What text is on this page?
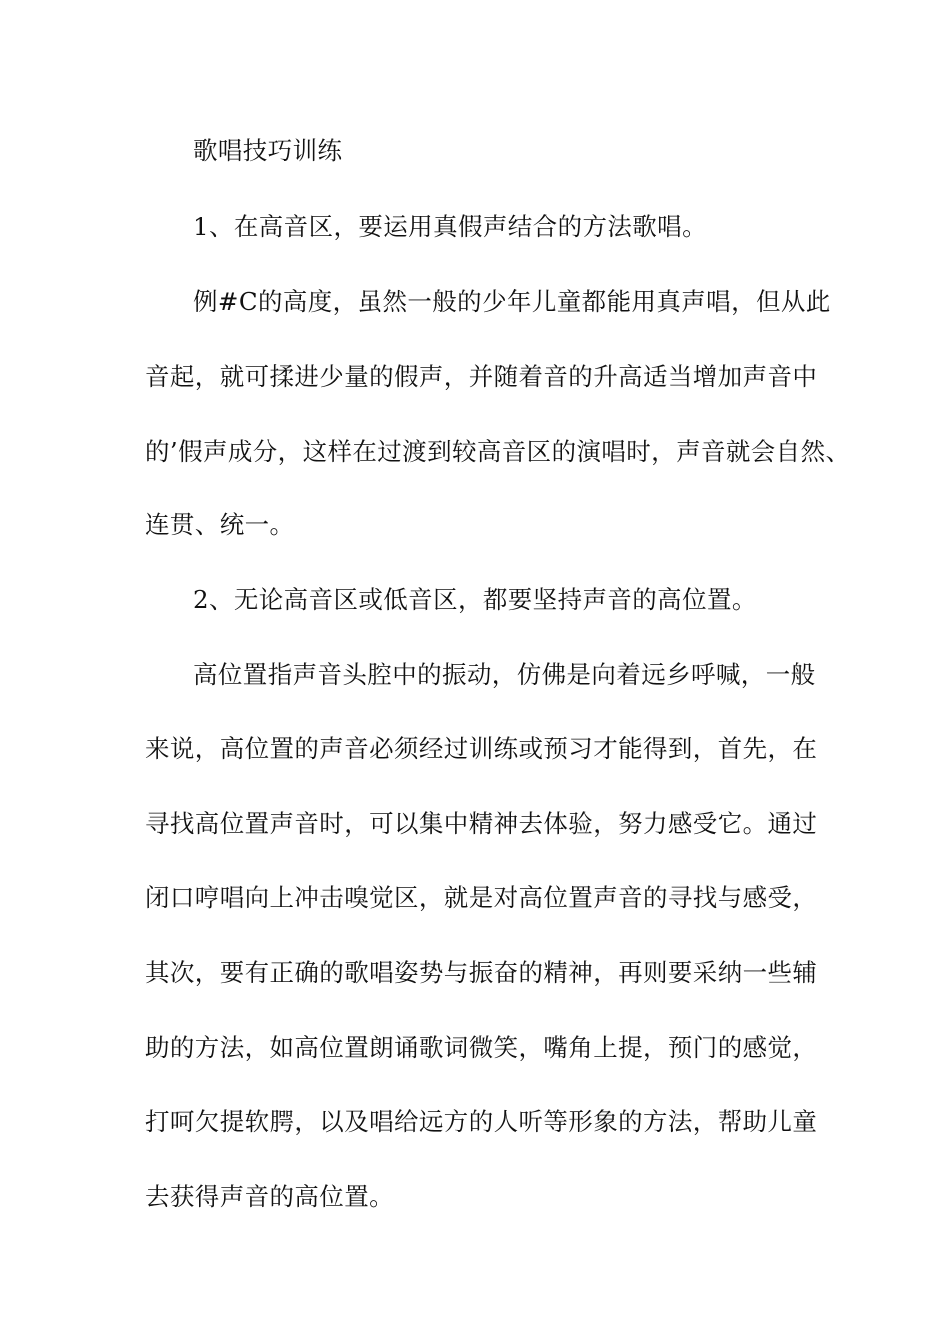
歌唱技巧训练
1、在高音区，要运用真假声结合的方法歌唱。
例#C的高度，虽然一般的少年儿童都能用真声唱，但从此
音起，就可揉进少量的假声，并随着音的升高适当增加声音中
的’假声成分，这样在过渡到较高音区的演唱时，声音就会自然、
连贯、统一。
2、无论高音区或低音区，都要坚持声音的高位置。
高位置指声音头腔中的振动，仿佛是向着远乡呼喊，一般
来说，高位置的声音必须经过训练或预习才能得到，首先，在
寻找高位置声音时，可以集中精神去体验，努力感受它。通过
闭口哼唱向上冲击嗅觉区，就是对高位置声音的寻找与感受，
其次，要有正确的歌唱姿势与振奋的精神，再则要采纳一些辅
助的方法，如高位置朗诵歌词微笑，嘴角上提，预门的感觉，
打呵欠提软腭，以及唱给远方的人听等形象的方法，帮助儿童
去获得声音的高位置。
